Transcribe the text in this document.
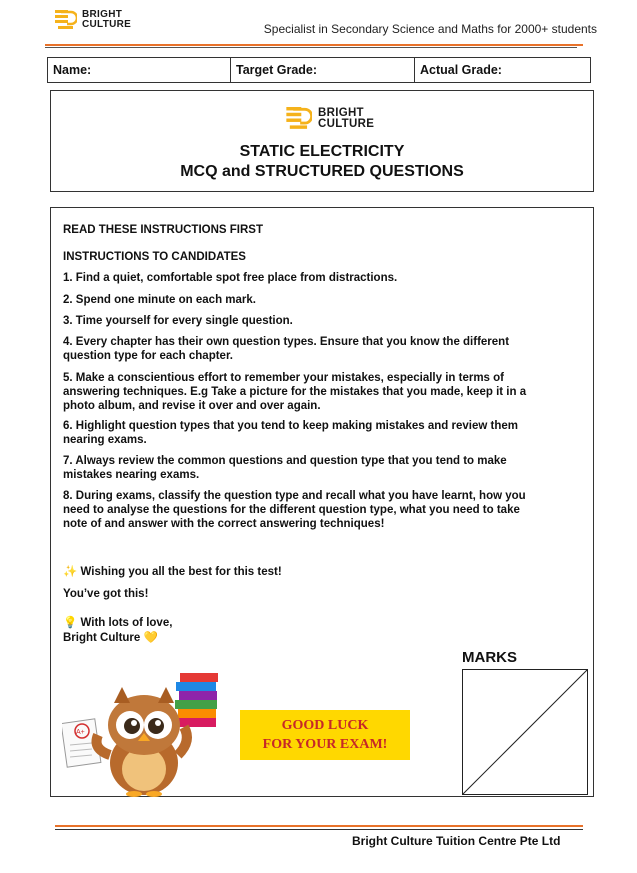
BRIGHT
CULTURE	Specialist in Secondary Science and Maths for 2000+ students
Name:	Target Grade:	Actual Grade:
BRIGHT
CULTURE
STATIC ELECTRICITY
MCQ and STRUCTURED QUESTIONS
READ THESE INSTRUCTIONS FIRST
INSTRUCTIONS TO CANDIDATES
1. Find a quiet, comfortable spot free place from distractions.
2. Spend one minute on each mark.
3. Time yourself for every single question.
4. Every chapter has their own question types. Ensure that you know the different question type for each chapter.
5. Make a conscientious effort to remember your mistakes, especially in terms of answering techniques. E.g Take a picture for the mistakes that you made, keep it in a photo album, and revise it over and over again.
6. Highlight question types that you tend to keep making mistakes and review them nearing exams.
7. Always review the common questions and question type that you tend to make mistakes nearing exams.
8. During exams, classify the question type and recall what you have learnt, how you need to analyse the questions for the different question type, what you need to take note of and answer with the correct answering techniques!
✨ Wishing you all the best for this test!
You’ve got this!
💡 With lots of love,
Bright Culture 💛
MARKS
GOOD LUCK
FOR YOUR EXAM!
A+
Bright Culture Tuition Centre Pte Ltd
